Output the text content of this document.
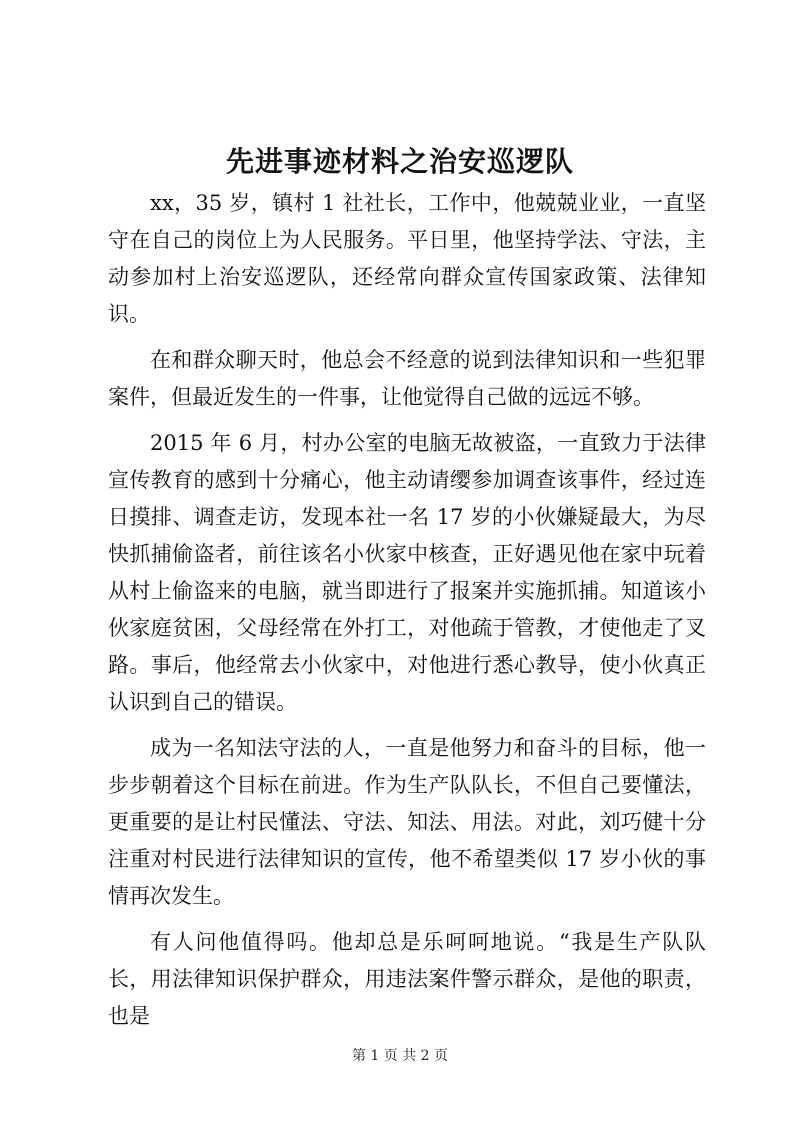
先进事迹材料之治安巡逻队

xx，35 岁，镇村 1 社社长，工作中，他兢兢业业，一直坚守在自己的岗位上为人民服务。平日里，他坚持学法、守法，主动参加村上治安巡逻队，还经常向群众宣传国家政策、法律知识。

在和群众聊天时，他总会不经意的说到法律知识和一些犯罪案件，但最近发生的一件事，让他觉得自己做的远远不够。

2015 年 6 月，村办公室的电脑无故被盗，一直致力于法律宣传教育的感到十分痛心，他主动请缨参加调查该事件，经过连日摸排、调查走访，发现本社一名 17 岁的小伙嫌疑最大，为尽快抓捕偷盗者，前往该名小伙家中核查，正好遇见他在家中玩着从村上偷盗来的电脑，就当即进行了报案并实施抓捕。知道该小伙家庭贫困，父母经常在外打工，对他疏于管教，才使他走了叉路。事后，他经常去小伙家中，对他进行悉心教导，使小伙真正认识到自己的错误。

成为一名知法守法的人，一直是他努力和奋斗的目标，他一步步朝着这个目标在前进。作为生产队队长，不但自己要懂法，更重要的是让村民懂法、守法、知法、用法。对此，刘巧健十分注重对村民进行法律知识的宣传，他不希望类似 17 岁小伙的事情再次发生。

有人问他值得吗。他却总是乐呵呵地说。“我是生产队队长，用法律知识保护群众，用违法案件警示群众，是他的职责，也是

第 1 页 共 2 页
